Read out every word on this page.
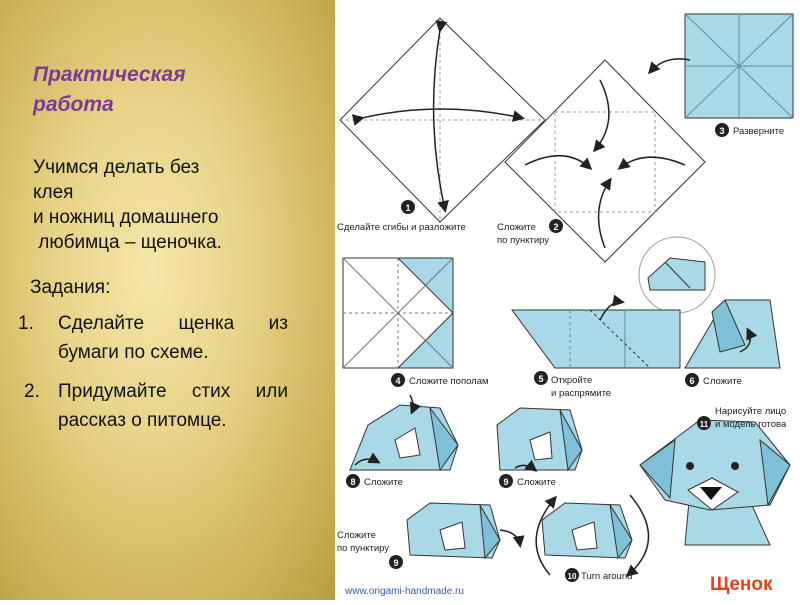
Практическая
работа
Учимся делать без
клея
и ножниц домашнего
любимца – щеночка.
Задания:
1. Сделайте щенка из бумаги по схеме.
2. Придумайте стих или рассказ о питомце.
1
Сделайте сгибы и разложите	2
Сложите
по пунктиру
3 Разверните
4 Сложите пополам	5 Откройте
и распрямите
6 Сложите
8 Сложите	9 Сложите
9
Сложите
по пунктиру
10 Turn around
11
Нарисуйте лицо
и модель готова
www.origami-handmade.ru	Щенок
